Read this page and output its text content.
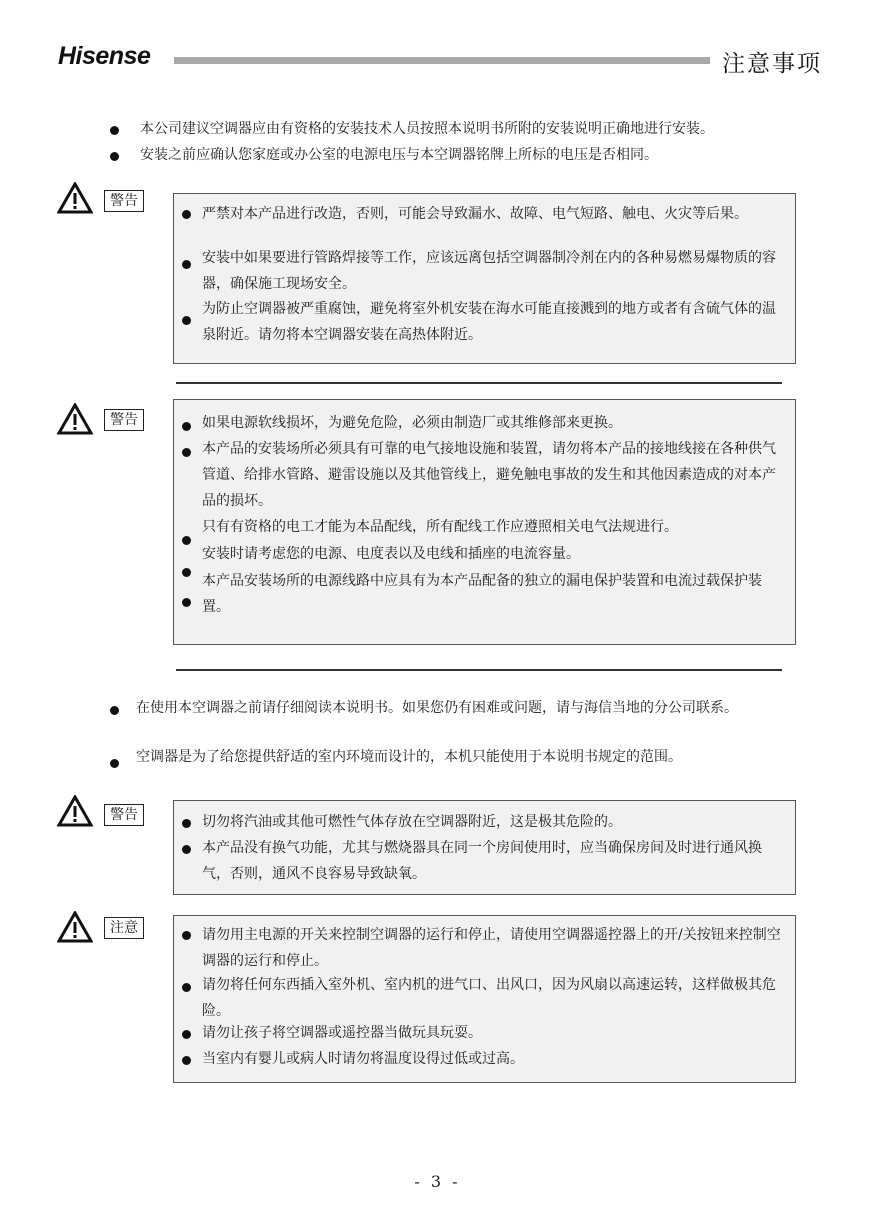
Hisense	注意事项
本公司建议空调器应由有资格的安装技术人员按照本说明书所附的安装说明正确地进行安装。
安装之前应确认您家庭或办公室的电源电压与本空调器铭牌上所标的电压是否相同。
警告
严禁对本产品进行改造，否则，可能会导致漏水、故障、电气短路、触电、火灾等后果。
安装中如果要进行管路焊接等工作，应该远离包括空调器制冷剂在内的各种易燃易爆物质的容器，确保施工现场安全。
为防止空调器被严重腐蚀，避免将室外机安装在海水可能直接溅到的地方或者有含硫气体的温泉附近。请勿将本空调器安装在高热体附近。
警告	如果电源软线损坏，为避免危险，必须由制造厂或其维修部来更换。
本产品的安装场所必须具有可靠的电气接地设施和装置，请勿将本产品的接地线接在各种供气管道、给排水管路、避雷设施以及其他管线上，避免触电事故的发生和其他因素造成的对本产品的损坏。
只有有资格的电工才能为本品配线，所有配线工作应遵照相关电气法规进行。
安装时请考虑您的电源、电度表以及电线和插座的电流容量。
本产品安装场所的电源线路中应具有为本产品配备的独立的漏电保护装置和电流过载保护装置。
在使用本空调器之前请仔细阅读本说明书。如果您仍有困难或问题，请与海信当地的分公司联系。
空调器是为了给您提供舒适的室内环境而设计的，本机只能使用于本说明书规定的范围。
警告	切勿将汽油或其他可燃性气体存放在空调器附近，这是极其危险的。
本产品没有换气功能，尤其与燃烧器具在同一个房间使用时，应当确保房间及时进行通风换气，否则，通风不良容易导致缺氧。
注意	请勿用主电源的开关来控制空调器的运行和停止，请使用空调器遥控器上的开/关按钮来控制空调器的运行和停止。
请勿将任何东西插入室外机、室内机的进气口、出风口，因为风扇以高速运转，这样做极其危险。
请勿让孩子将空调器或遥控器当做玩具玩耍。
当室内有婴儿或病人时请勿将温度设得过低或过高。
- 3 -
